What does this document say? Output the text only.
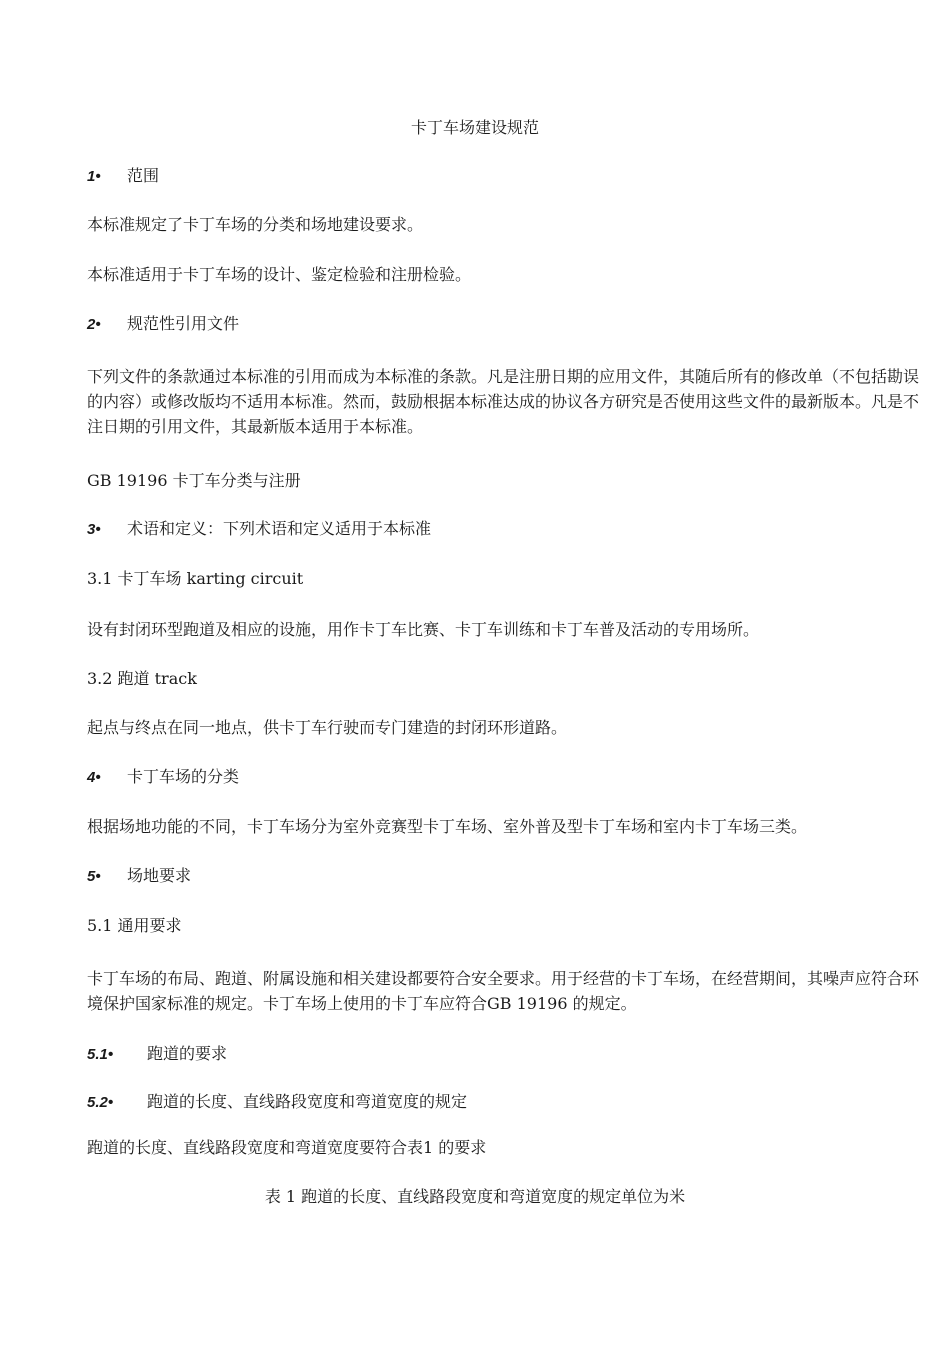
卡丁车场建设规范
1•	范围
本标准规定了卡丁车场的分类和场地建设要求。
本标准适用于卡丁车场的设计、鉴定检验和注册检验。
2•	规范性引用文件
下列文件的条款通过本标准的引用而成为本标准的条款。凡是注册日期的应用文件，其随后所有的修改单（不包括勘误的内容）或修改版均不适用本标准。然而，鼓励根据本标准达成的协议各方研究是否使用这些文件的最新版本。凡是不注日期的引用文件，其最新版本适用于本标准。
GB 19196 卡丁车分类与注册
3•	术语和定义：下列术语和定义适用于本标准
3.1 卡丁车场 karting circuit
设有封闭环型跑道及相应的设施，用作卡丁车比赛、卡丁车训练和卡丁车普及活动的专用场所。
3.2 跑道 track
起点与终点在同一地点，供卡丁车行驶而专门建造的封闭环形道路。
4•	卡丁车场的分类
根据场地功能的不同，卡丁车场分为室外竞赛型卡丁车场、室外普及型卡丁车场和室内卡丁车场三类。
5•	场地要求
5.1 通用要求
卡丁车场的布局、跑道、附属设施和相关建设都要符合安全要求。用于经营的卡丁车场，在经营期间，其噪声应符合环境保护国家标准的规定。卡丁车场上使用的卡丁车应符合GB 19196 的规定。
5.1•	跑道的要求
5.2•	跑道的长度、直线路段宽度和弯道宽度的规定
跑道的长度、直线路段宽度和弯道宽度要符合表1 的要求
表 1 跑道的长度、直线路段宽度和弯道宽度的规定单位为米
